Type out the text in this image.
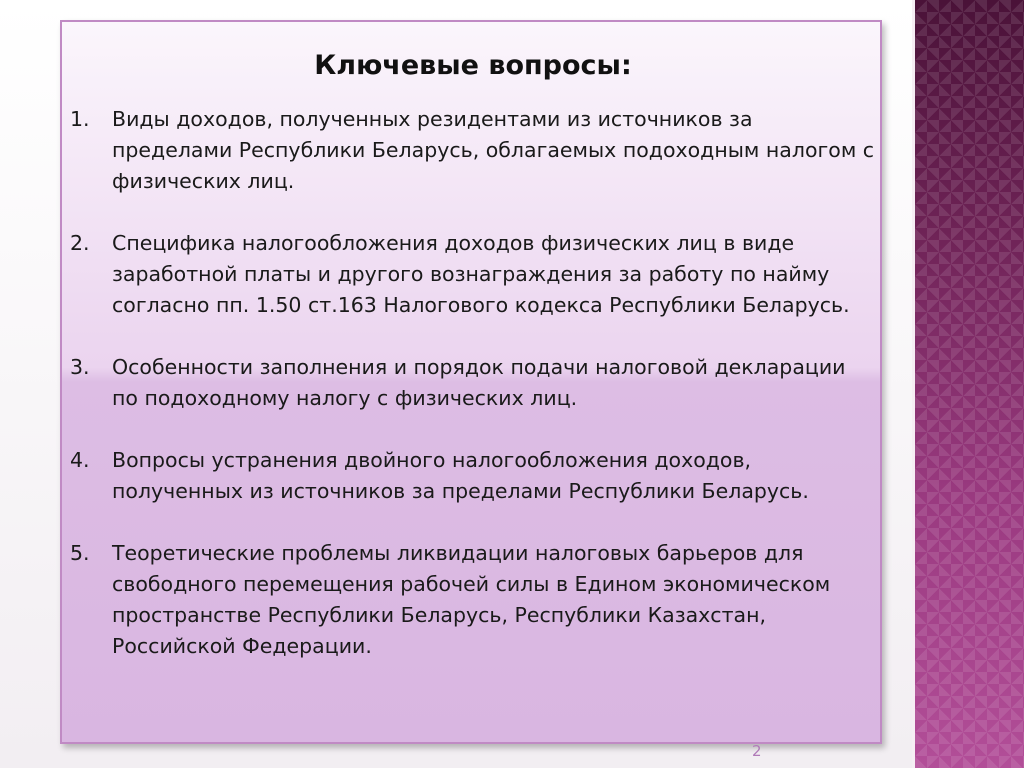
Ключевые вопросы:
1. Виды доходов, полученных резидентами из источников за пределами Республики Беларусь, облагаемых подоходным налогом с физических лиц.
2. Специфика налогообложения доходов физических лиц в виде заработной платы и другого вознаграждения за работу по найму согласно пп. 1.50 ст.163 Налогового кодекса Республики Беларусь.
3. Особенности заполнения и порядок подачи налоговой декларации по подоходному налогу с физических лиц.
4. Вопросы устранения двойного налогообложения доходов, полученных из источников за пределами Республики Беларусь.
5. Теоретические проблемы ликвидации налоговых барьеров для свободного перемещения рабочей силы в Едином экономическом пространстве Республики Беларусь, Республики Казахстан, Российской Федерации.
2
